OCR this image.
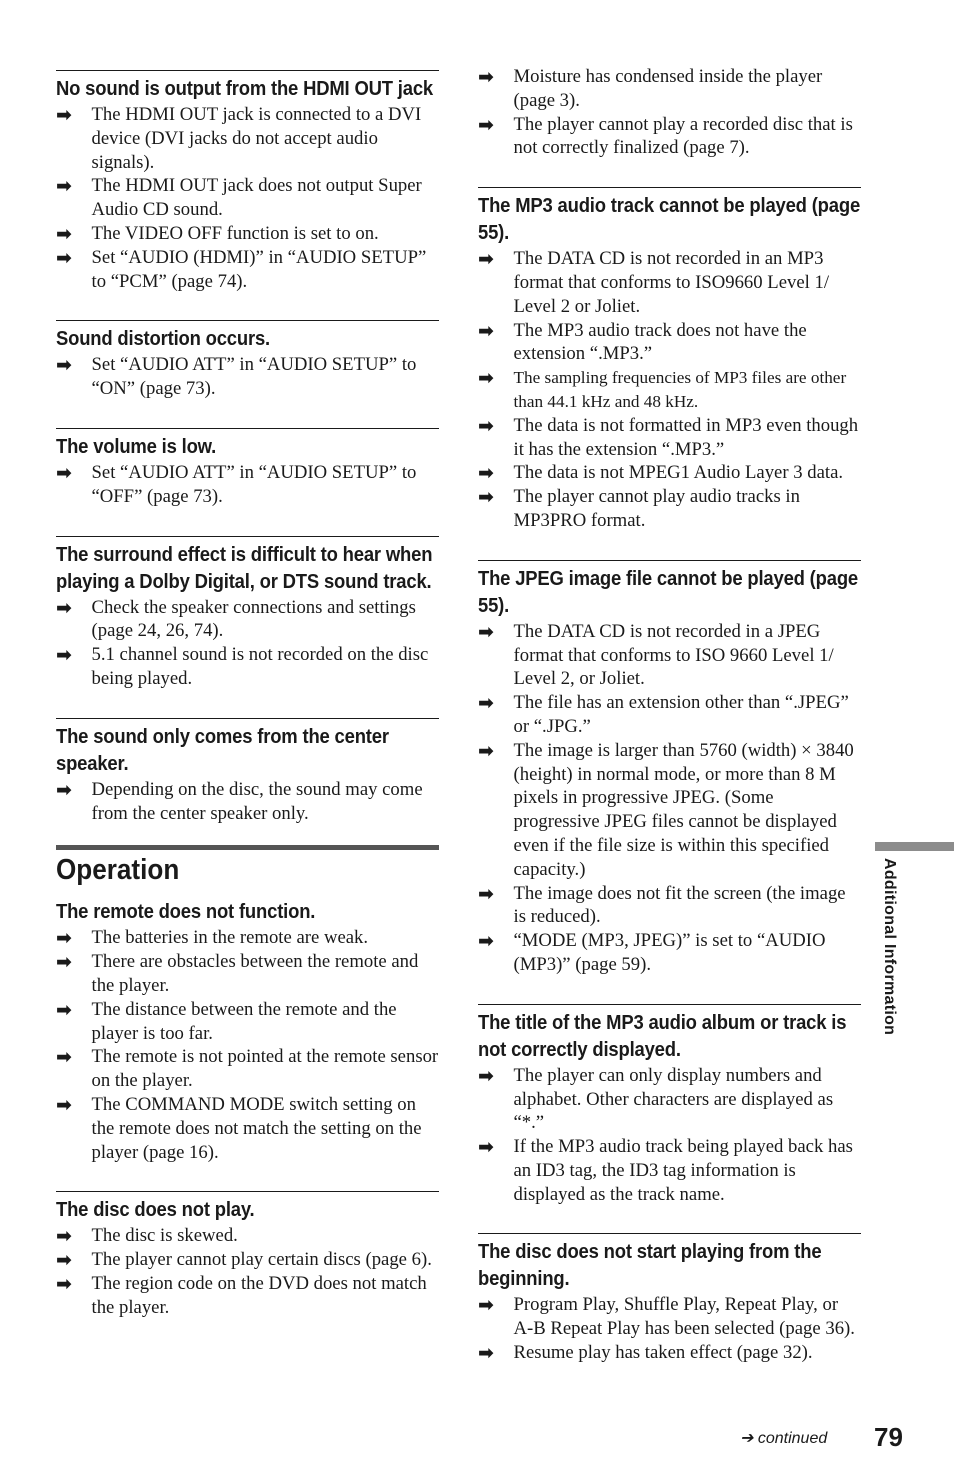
No sound is output from the HDMI OUT jack
➡ The HDMI OUT jack is connected to a DVI device (DVI jacks do not accept audio signals).
➡ The HDMI OUT jack does not output Super Audio CD sound.
➡ The VIDEO OFF function is set to on.
➡ Set “AUDIO (HDMI)” in “AUDIO SETUP” to “PCM” (page 74).
Sound distortion occurs.
➡ Set “AUDIO ATT” in “AUDIO SETUP” to “ON” (page 73).
The volume is low.
➡ Set “AUDIO ATT” in “AUDIO SETUP” to “OFF” (page 73).
The surround effect is difficult to hear when playing a Dolby Digital, or DTS sound track.
➡ Check the speaker connections and settings (page 24, 26, 74).
➡ 5.1 channel sound is not recorded on the disc being played.
The sound only comes from the center speaker.
➡ Depending on the disc, the sound may come from the center speaker only.
Operation
The remote does not function.
➡ The batteries in the remote are weak.
➡ There are obstacles between the remote and the player.
➡ The distance between the remote and the player is too far.
➡ The remote is not pointed at the remote sensor on the player.
➡ The COMMAND MODE switch setting on the remote does not match the setting on the player (page 16).
The disc does not play.
➡ The disc is skewed.
➡ The player cannot play certain discs (page 6).
➡ The region code on the DVD does not match the player.
➡ Moisture has condensed inside the player (page 3).
➡ The player cannot play a recorded disc that is not correctly finalized (page 7).
The MP3 audio track cannot be played (page 55).
➡ The DATA CD is not recorded in an MP3 format that conforms to ISO9660 Level 1/ Level 2 or Joliet.
➡ The MP3 audio track does not have the extension “.MP3.”
➡ The sampling frequencies of MP3 files are other than 44.1 kHz and 48 kHz.
➡ The data is not formatted in MP3 even though it has the extension “.MP3.”
➡ The data is not MPEG1 Audio Layer 3 data.
➡ The player cannot play audio tracks in MP3PRO format.
The JPEG image file cannot be played (page 55).
➡ The DATA CD is not recorded in a JPEG format that conforms to ISO 9660 Level 1/ Level 2, or Joliet.
➡ The file has an extension other than “.JPEG” or “.JPG.”
➡ The image is larger than 5760 (width) × 3840 (height) in normal mode, or more than 8 M pixels in progressive JPEG. (Some progressive JPEG files cannot be displayed even if the file size is within this specified capacity.)
➡ The image does not fit the screen (the image is reduced).
➡ “MODE (MP3, JPEG)” is set to “AUDIO (MP3)” (page 59).
The title of the MP3 audio album or track is not correctly displayed.
➡ The player can only display numbers and alphabet. Other characters are displayed as “*.”
➡ If the MP3 audio track being played back has an ID3 tag, the ID3 tag information is displayed as the track name.
The disc does not start playing from the beginning.
➡ Program Play, Shuffle Play, Repeat Play, or A-B Repeat Play has been selected (page 36).
➡ Resume play has taken effect (page 32).
Additional Information
➔ continued 79
